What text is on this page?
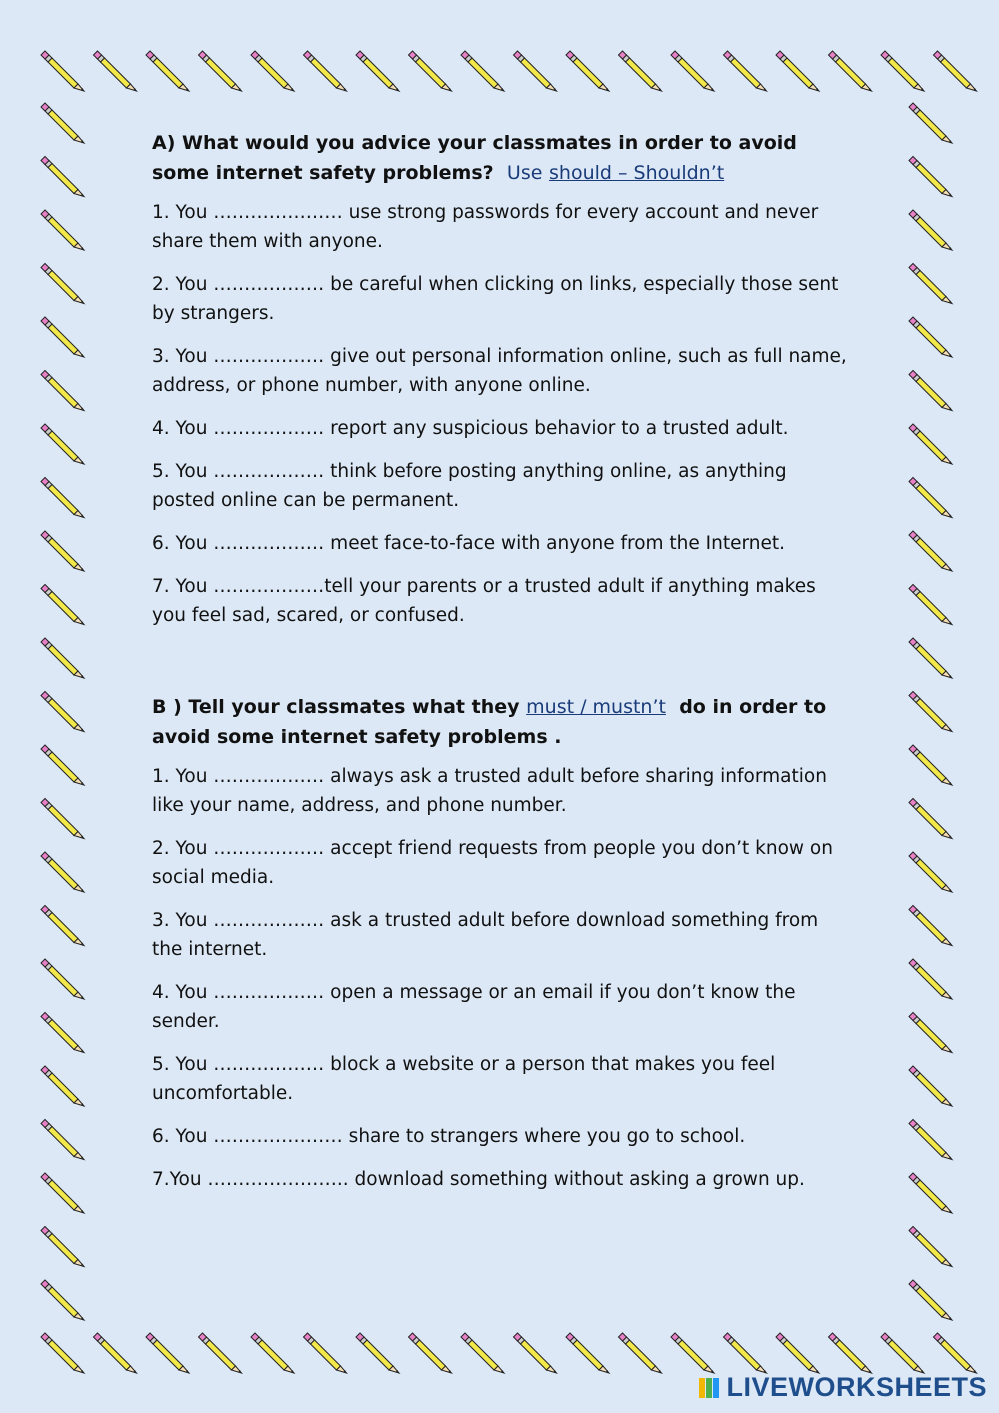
A) What would you advice your classmates in order to avoid some internet safety problems? Use should – Shouldn’t

1. You ………………… use strong passwords for every account and never share them with anyone.

2. You ……………… be careful when clicking on links, especially those sent by strangers.

3. You ……………… give out personal information online, such as full name, address, or phone number, with anyone online.

4. You ……………… report any suspicious behavior to a trusted adult.

5. You ……………… think before posting anything online, as anything posted online can be permanent.

6. You ……………… meet face-to-face with anyone from the Internet.

7. You ………………tell your parents or a trusted adult if anything makes you feel sad, scared, or confused.

B ) Tell your classmates what they must / mustn’t do in order to avoid some internet safety problems .

1. You ……………… always ask a trusted adult before sharing information like your name, address, and phone number.

2. You ……………… accept friend requests from people you don’t know on social media.

3. You ……………… ask a trusted adult before download something from the internet.

4. You ……………… open a message or an email if you don’t know the sender.

5. You ……………… block a website or a person that makes you feel uncomfortable.

6. You ………………… share to strangers where you go to school.

7.You ………………….. download something without asking a grown up.

LIVEWORKSHEETS
